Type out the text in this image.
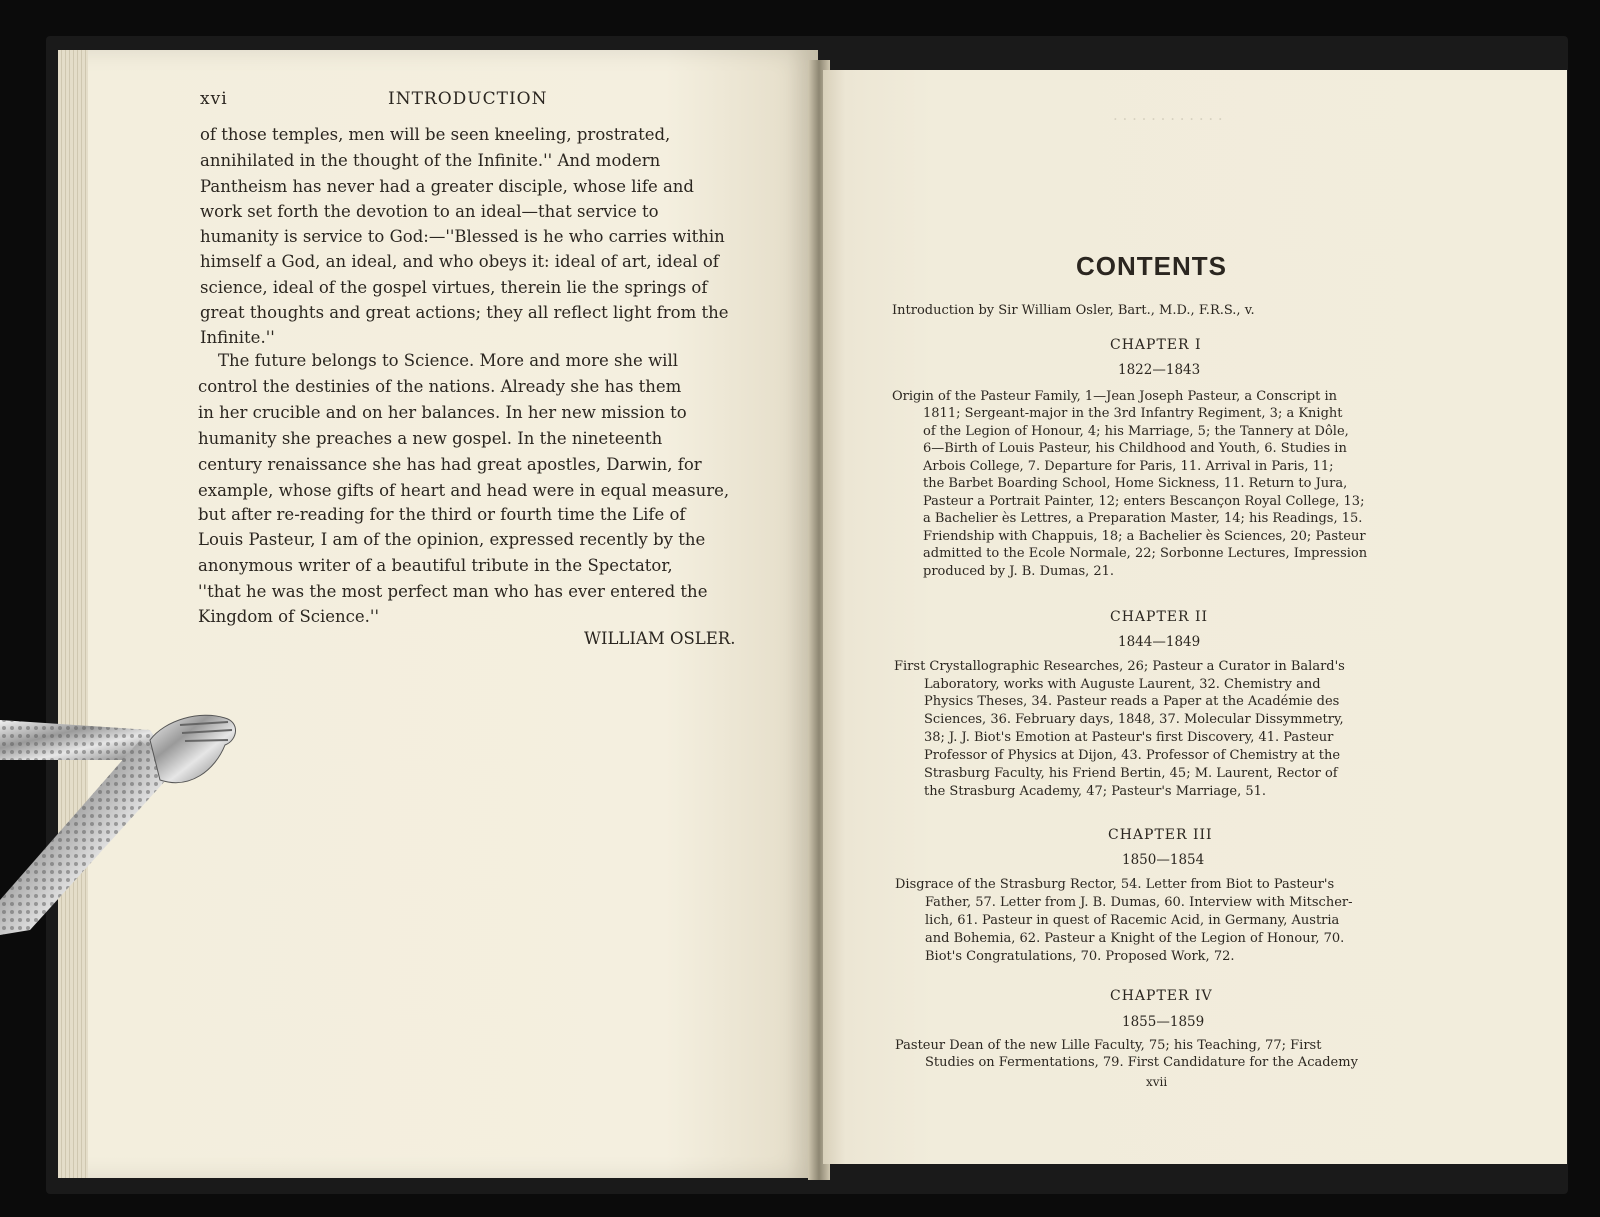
· · · · · · · · · · · ·
xvi	INTRODUCTION
of those temples, men will be seen kneeling, prostrated,
annihilated in the thought of the Infinite.'' And modern
Pantheism has never had a greater disciple, whose life and
work set forth the devotion to an ideal—that service to
humanity is service to God:—''Blessed is he who carries within
himself a God, an ideal, and who obeys it: ideal of art, ideal of
science, ideal of the gospel virtues, therein lie the springs of
great thoughts and great actions; they all reflect light from the
Infinite.''
The future belongs to Science. More and more she will
control the destinies of the nations. Already she has them
in her crucible and on her balances. In her new mission to
humanity she preaches a new gospel. In the nineteenth
century renaissance she has had great apostles, Darwin, for
example, whose gifts of heart and head were in equal measure,
but after re-reading for the third or fourth time the Life of
Louis Pasteur, I am of the opinion, expressed recently by the
anonymous writer of a beautiful tribute in the Spectator,
''that he was the most perfect man who has ever entered the
Kingdom of Science.''
WILLIAM OSLER.
CONTENTS
Introduction by Sir William Osler, Bart., M.D., F.R.S., v.
CHAPTER I
1822—1843
Origin of the Pasteur Family, 1—Jean Joseph Pasteur, a Conscript in
1811; Sergeant-major in the 3rd Infantry Regiment, 3; a Knight
of the Legion of Honour, 4; his Marriage, 5; the Tannery at Dôle,
6—Birth of Louis Pasteur, his Childhood and Youth, 6. Studies in
Arbois College, 7. Departure for Paris, 11. Arrival in Paris, 11;
the Barbet Boarding School, Home Sickness, 11. Return to Jura,
Pasteur a Portrait Painter, 12; enters Bescançon Royal College, 13;
a Bachelier ès Lettres, a Preparation Master, 14; his Readings, 15.
Friendship with Chappuis, 18; a Bachelier ès Sciences, 20; Pasteur
admitted to the Ecole Normale, 22; Sorbonne Lectures, Impression
produced by J. B. Dumas, 21.
CHAPTER II
1844—1849
First Crystallographic Researches, 26; Pasteur a Curator in Balard's
Laboratory, works with Auguste Laurent, 32. Chemistry and
Physics Theses, 34. Pasteur reads a Paper at the Académie des
Sciences, 36. February days, 1848, 37. Molecular Dissymmetry,
38; J. J. Biot's Emotion at Pasteur's first Discovery, 41. Pasteur
Professor of Physics at Dijon, 43. Professor of Chemistry at the
Strasburg Faculty, his Friend Bertin, 45; M. Laurent, Rector of
the Strasburg Academy, 47; Pasteur's Marriage, 51.
CHAPTER III
1850—1854
Disgrace of the Strasburg Rector, 54. Letter from Biot to Pasteur's
Father, 57. Letter from J. B. Dumas, 60. Interview with Mitscher-
lich, 61. Pasteur in quest of Racemic Acid, in Germany, Austria
and Bohemia, 62. Pasteur a Knight of the Legion of Honour, 70.
Biot's Congratulations, 70. Proposed Work, 72.
CHAPTER IV
1855—1859
Pasteur Dean of the new Lille Faculty, 75; his Teaching, 77; First
Studies on Fermentations, 79. First Candidature for the Academy
xvii
